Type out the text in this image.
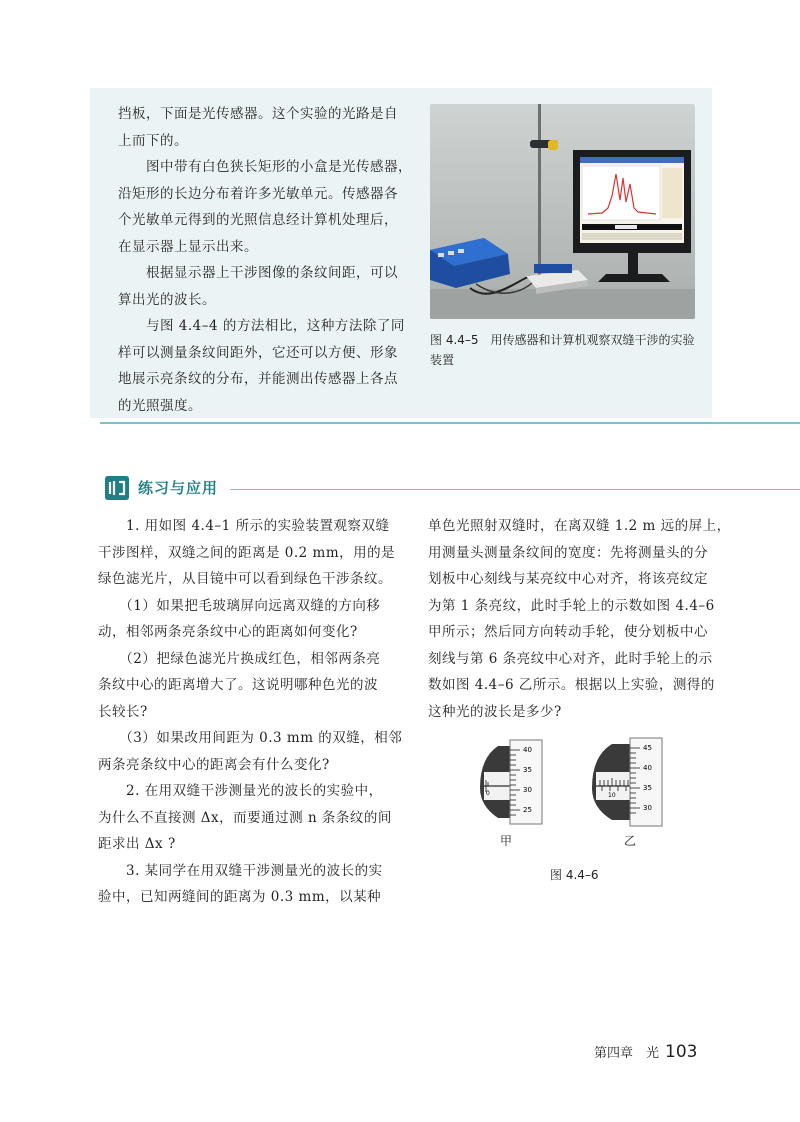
挡板，下面是光传感器。这个实验的光路是自
上而下的。
　　图中带有白色狭长矩形的小盒是光传感器，
沿矩形的长边分布着许多光敏单元。传感器各
个光敏单元得到的光照信息经计算机处理后，
在显示器上显示出来。
　　根据显示器上干涉图像的条纹间距，可以
算出光的波长。
　　与图 4.4–4 的方法相比，这种方法除了同
样可以测量条纹间距外，它还可以方便、形象
地展示亮条纹的分布，并能测出传感器上各点
的光照强度。
图 4.4–5　用传感器和计算机观察双缝干涉的实验
装置
练习与应用
　　1. 用如图 4.4–1 所示的实验装置观察双缝
干涉图样，双缝之间的距离是 0.2 mm，用的是
绿色滤光片，从目镜中可以看到绿色干涉条纹。
　　（1）如果把毛玻璃屏向远离双缝的方向移
动，相邻两条亮条纹中心的距离如何变化?
　　（2）把绿色滤光片换成红色，相邻两条亮
条纹中心的距离增大了。这说明哪种色光的波
长较长?
　　（3）如果改用间距为 0.3 mm 的双缝，相邻
两条亮条纹中心的距离会有什么变化?
　　2. 在用双缝干涉测量光的波长的实验中，
为什么不直接测 Δx，而要通过测 n 条条纹的间
距求出 Δx ?
　　3. 某同学在用双缝干涉测量光的波长的实
验中，已知两缝间的距离为 0.3 mm，以某种
单色光照射双缝时，在离双缝 1.2 m 远的屏上，
用测量头测量条纹间的宽度：先将测量头的分
划板中心刻线与某亮纹中心对齐，将该亮纹定
为第 1 条亮纹，此时手轮上的示数如图 4.4–6
甲所示；然后同方向转动手轮，使分划板中心
刻线与第 6 条亮纹中心对齐，此时手轮上的示
数如图 4.4–6 乙所示。根据以上实验，测得的
这种光的波长是多少?
0
40
35
30
25
10
45
40
35
30
甲	乙
图 4.4–6
第四章　光 103
